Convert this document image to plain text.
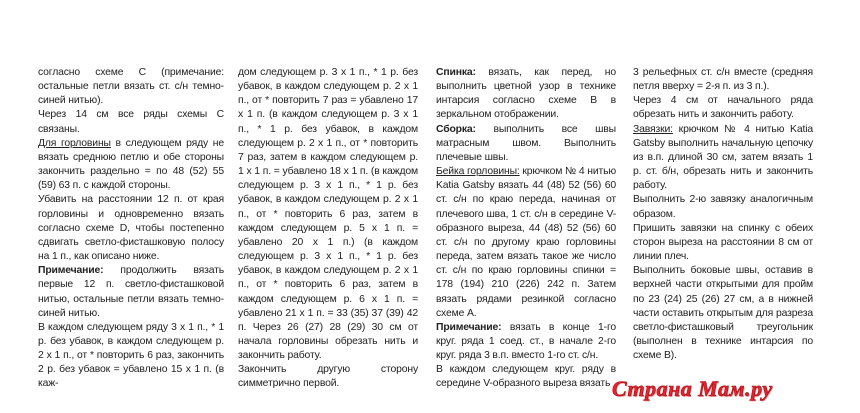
согласно схеме С (примечание: остальные петли вязать ст. с/н темно-синей нитью).

Через 14 см все ряды схемы С связаны.

Для горловины в следующем ряду не вязать среднюю петлю и обе стороны закончить раздельно = по 48 (52) 55 (59) 63 п. с каждой стороны.

Убавить на расстоянии 12 п. от края горловины и одновременно вязать согласно схеме D, чтобы постепенно сдвигать светло-фисташковую полосу на 1 п., как описано ниже.

Примечание: продолжить вязать первые 12 п. светло-фисташковой нитью, остальные петли вязать темно-синей нитью.

В каждом следующем ряду 3 х 1 п., * 1 р. без убавок, в каждом следующем р. 2 х 1 п., от * повторить 6 раз, закончить 2 р. без убавок = убавлено 15 х 1 п. (в каж-

дом следующем р. 3 х 1 п., * 1 р. без убавок, в каждом следующем р. 2 х 1 п., от * повторить 7 раз = убавлено 17 х 1 п. (в каждом следующем р. 3 х 1 п., * 1 р. без убавок, в каждом следующем р. 2 х 1 п., от * повторить 7 раз, затем в каждом следующем р. 1 х 1 п. = убавлено 18 х 1 п. (в каждом следующем р. 3 х 1 п., * 1 р. без убавок, в каждом следующем р. 2 х 1 п., от * повторить 6 раз, затем в каждом следующем р. 5 х 1 п. = убавлено 20 х 1 п.) (в каждом следующем р. 3 х 1 п., * 1 р. без убавок, в каждом следующем р. 2 х 1 п., от * повторить 6 раз, затем в каждом следующем р. 6 х 1 п. = убавлено 21 х 1 п. = 33 (35) 37 (39) 42 п. Через 26 (27) 28 (29) 30 см от начала горловины обрезать нить и закончить работу.

Закончить другую сторону симметрично первой.

Спинка: вязать, как перед, но выполнить цветной узор в технике интарсия согласно схеме В в зеркальном отображении.

Сборка: выполнить все швы матрасным швом. Выполнить плечевые швы.

Бейка горловины: крючком № 4 нитью Katia Gatsby вязать 44 (48) 52 (56) 60 ст. с/н по краю переда, начиная от плечевого шва, 1 ст. с/н в середине V-образного выреза, 44 (48) 52 (56) 60 ст. с/н по другому краю горловины переда, затем вязать такое же число ст. с/н по краю горловины спинки = 178 (194) 210 (226) 242 п. Затем вязать рядами резинкой согласно схеме А.

Примечание: вязать в конце 1-го круг. ряда 1 соед. ст., в начале 2-го круг. ряда 3 в.п. вместо 1-го ст. с/н.

В каждом следующем круг. ряду в середине V-образного выреза вязать

3 рельефных ст. с/н вместе (средняя петля вверху = 2-я п. из 3 п.).

Через 4 см от начального ряда обрезать нить и закончить работу.

Завязки: крючком № 4 нитью Katia Gatsby выполнить начальную цепочку из в.п. длиной 30 см, затем вязать 1 р. ст. б/н, обрезать нить и закончить работу.

Выполнить 2-ю завязку аналогичным образом.

Пришить завязки на спинку с обеих сторон выреза на расстоянии 8 см от линии плеч.

Выполнить боковые швы, оставив в верхней части открытыми для пройм по 23 (24) 25 (26) 27 см, а в нижней части оставить открытым для разреза светло-фисташковый треугольник (выполнен в технике интарсия по схеме В).

Страна Мам.ру
